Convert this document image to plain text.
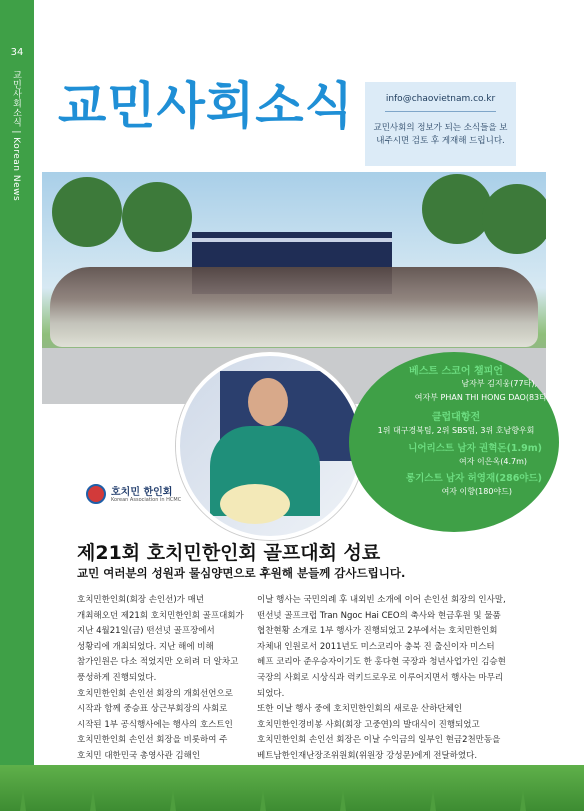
34
교민사회소식 | Korean News 교민사회소식	info@chaovietnam.co.kr
교민사회의 정보가 되는 소식들을 보내주시면 검토 후 게재해 드립니다.
베스트 스코어 챔피언
남자부 김지웅(77타),
여자부 PHAN THI HONG DAO(83타)
클럽대항전
1위 대구경북팀, 2위 SBS팀, 3위 호남향우회
니어리스트 남자 권혁돈(1.9m)
여자 이은옥(4.7m)
롱기스트 남자 허영재(286야드)
여자 이향(180야드)
호치민 한인회
Korean Association in HCMC
제21회 호치민한인회 골프대회 성료
교민 여러분의 성원과 물심양면으로 후원해 분들께 감사드립니다.

호치민한인회(회장 손인선)가 매년 개최해오던 제21회 호치민한인회 골프대회가 지난 4월21일(금) 떤선넛 골프장에서 성황리에 개최되었다. 지난 해에 비해 참가인원은 다소 적었지만 오히려 더 알차고 풍성하게 진행되었다.

호치민한인회 손인선 회장의 개회선언으로 시작과 함께 중승표 상근부회장의 사회로 시작된 1부 공식행사에는 행사의 호스트인 호치민한인회 손인선 회장을 비롯하여 주 호치민 대한민국 총영사관 김해인

이날 행사는 국민의례 후 내외빈 소개에 이어 손인선 회장의 인사말, 떤선넛 골프크럽 Tran Ngoc Hai CEO의 축사와 현금후원 및 물품 협찬현황 소개로 1부 행사가 진행되었고 2부에서는 호치민한인회 자체내 인원로서 2011년도 미스코리아 충북 진 출신이자 미스터 헤프 코리아 준우승자이기도 한 홍다현 국장과 청년사업가인 김승현 국장의 사회로 시상식과 럭키드로우로 이루어지면서 행사는 마무리 되었다.

또한 이날 행사 중에 호치민한인회의 새로운 산하단체인 호치민한인경비봉 사회(회장 고중연)의 발대식이 진행되었고 호치민한인회 손인선 회장은 이날 수익금의 일부인 현금2천만동을 베트남한인재난장조위원회(위원장 강성문)에게 전달하였다.
